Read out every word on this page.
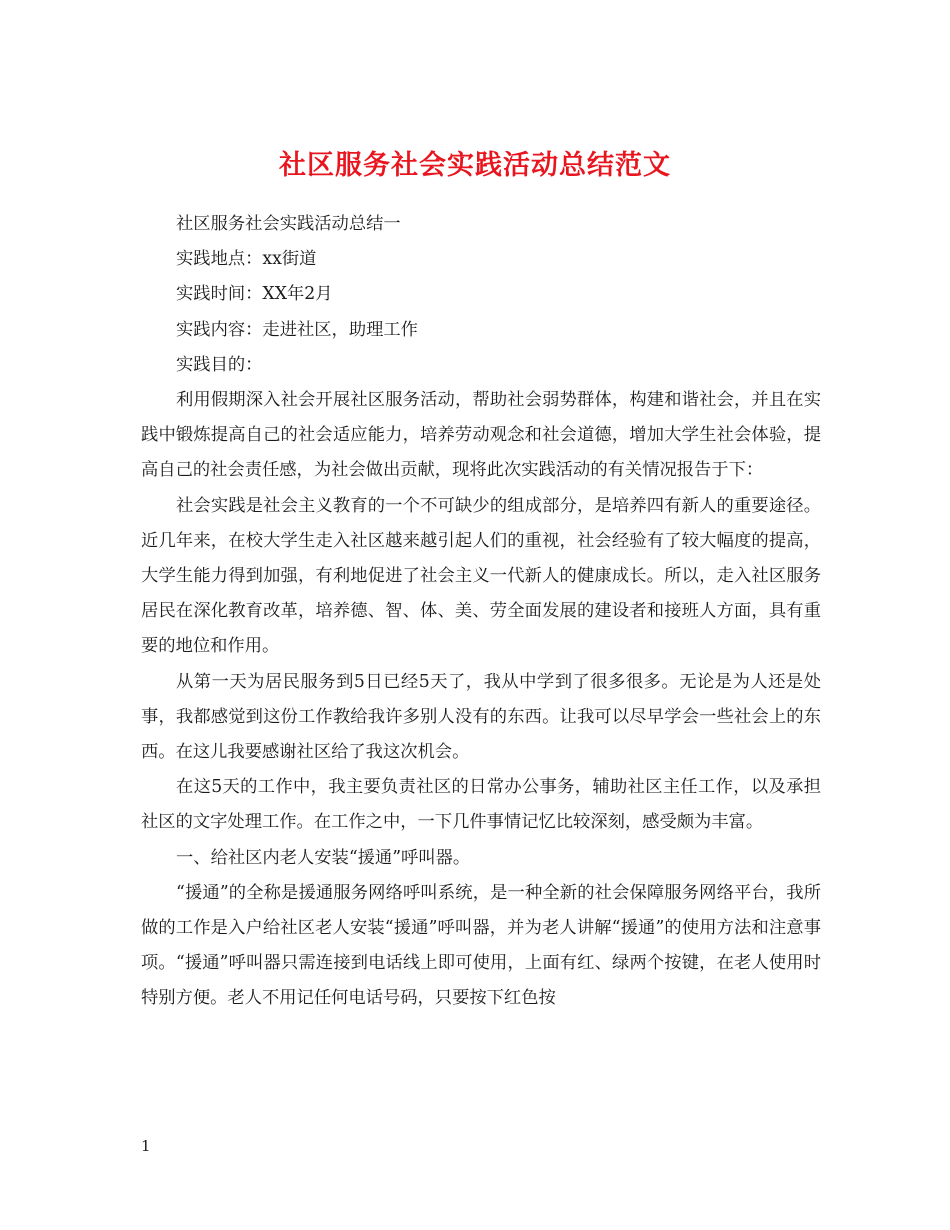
社区服务社会实践活动总结范文

社区服务社会实践活动总结一

实践地点：xx街道

实践时间：XX年2月

实践内容：走进社区，助理工作

实践目的：

利用假期深入社会开展社区服务活动，帮助社会弱势群体，构建和谐社会，并且在实践中锻炼提高自己的社会适应能力，培养劳动观念和社会道德，增加大学生社会体验，提高自己的社会责任感，为社会做出贡献，现将此次实践活动的有关情况报告于下：

社会实践是社会主义教育的一个不可缺少的组成部分，是培养四有新人的重要途径。近几年来，在校大学生走入社区越来越引起人们的重视，社会经验有了较大幅度的提高，大学生能力得到加强，有利地促进了社会主义一代新人的健康成长。所以，走入社区服务居民在深化教育改革，培养德、智、体、美、劳全面发展的建设者和接班人方面，具有重要的地位和作用。

从第一天为居民服务到5日已经5天了，我从中学到了很多很多。无论是为人还是处事，我都感觉到这份工作教给我许多别人没有的东西。让我可以尽早学会一些社会上的东西。在这儿我要感谢社区给了我这次机会。

在这5天的工作中，我主要负责社区的日常办公事务，辅助社区主任工作，以及承担社区的文字处理工作。在工作之中，一下几件事情记忆比较深刻，感受颇为丰富。

一、给社区内老人安装“援通”呼叫器。

“援通”的全称是援通服务网络呼叫系统，是一种全新的社会保障服务网络平台，我所做的工作是入户给社区老人安装“援通”呼叫器，并为老人讲解“援通”的使用方法和注意事项。“援通”呼叫器只需连接到电话线上即可使用，上面有红、绿两个按键，在老人使用时特别方便。老人不用记任何电话号码，只要按下红色按

1
